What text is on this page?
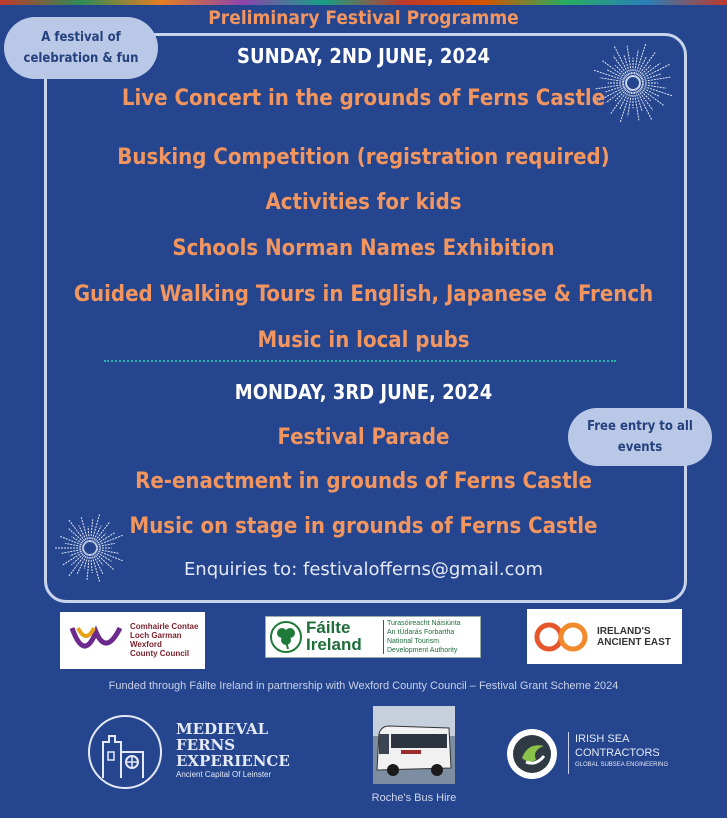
Preliminary Festival Programme
A festival of
celebration & fun	SUNDAY, 2ND JUNE, 2024
Live Concert in the grounds of Ferns Castle
Busking Competition (registration required)
Activities for kids
Schools Norman Names Exhibition
Guided Walking Tours in English, Japanese & French
Music in local pubs
MONDAY, 3RD JUNE, 2024
Festival Parade
Re-enactment in grounds of Ferns Castle
Music on stage in grounds of Ferns Castle
Free entry to all
events
Enquiries to: festivalofferns@gmail.com
Comhairle Contae
Loch Garman
Wexford
County Council
Fáilte
Ireland
Turasóireacht Náisiúnta
An tÚdarás Forbartha
National Tourism
Development Authority
IRELAND'S
ANCIENT EAST
Funded through Fáilte Ireland in partnership with Wexford County Council – Festival Grant Scheme 2024
MEDIEVAL
FERNS
EXPERIENCE
Ancient Capital Of Leinster
Roche's Bus Hire
IRISH SEA
CONTRACTORS
GLOBAL SUBSEA ENGINEERING
